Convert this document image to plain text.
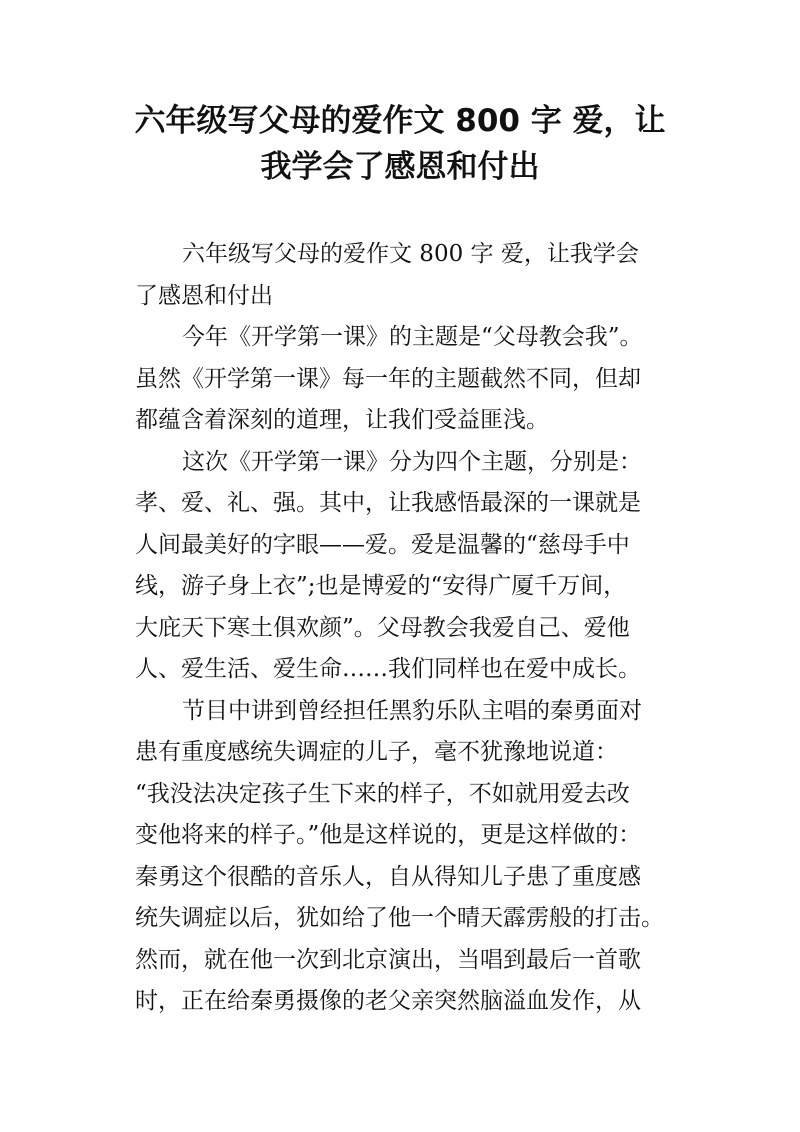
六年级写父母的爱作文 800 字 爱，让
我学会了感恩和付出
六年级写父母的爱作文 800 字 爱，让我学会
了感恩和付出
今年《开学第一课》的主题是“父母教会我”。
虽然《开学第一课》每一年的主题截然不同，但却
都蕴含着深刻的道理，让我们受益匪浅。
这次《开学第一课》分为四个主题，分别是：
孝、爱、礼、强。其中，让我感悟最深的一课就是
人间最美好的字眼——爱。爱是温馨的“慈母手中
线，游子身上衣”;也是博爱的“安得广厦千万间，
大庇天下寒土俱欢颜”。父母教会我爱自己、爱他
人、爱生活、爱生命……我们同样也在爱中成长。
节目中讲到曾经担任黑豹乐队主唱的秦勇面对
患有重度感统失调症的儿子，毫不犹豫地说道：
“我没法决定孩子生下来的样子，不如就用爱去改
变他将来的样子。”他是这样说的，更是这样做的：
秦勇这个很酷的音乐人，自从得知儿子患了重度感
统失调症以后，犹如给了他一个晴天霹雳般的打击。
然而，就在他一次到北京演出，当唱到最后一首歌
时，正在给秦勇摄像的老父亲突然脑溢血发作，从
